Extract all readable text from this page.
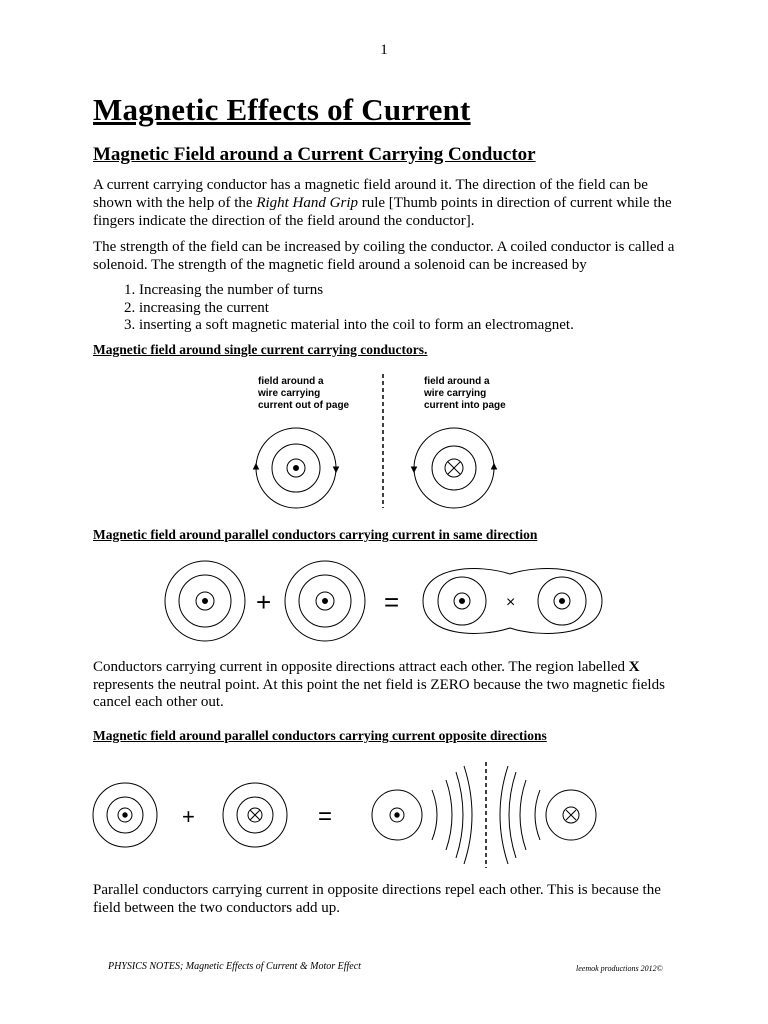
1
Magnetic Effects of Current
Magnetic Field around a Current Carrying Conductor

A current carrying conductor has a magnetic field around it. The direction of the field can be shown with the help of the Right Hand Grip rule [Thumb points in direction of current while the fingers indicate the direction of the field around the conductor].

The strength of the field can be increased by coiling the conductor. A coiled conductor is called a solenoid. The strength of the magnetic field around a solenoid can be increased by

1. Increasing the number of turns
2. increasing the current
3. inserting a soft magnetic material into the coil to form an electromagnet.

Magnetic field around single current carrying conductors.

field around a
wire carrying
current out of page
field around a
wire carrying
current into page

Magnetic field around parallel conductors carrying current in same direction

+	=	×

Conductors carrying current in opposite directions attract each other. The region labelled X represents the neutral point. At this point the net field is ZERO because the two magnetic fields cancel each other out.

Magnetic field around parallel conductors carrying current opposite directions

+	=

Parallel conductors carrying current in opposite directions repel each other. This is because the field between the two conductors add up.

PHYSICS NOTES; Magnetic Effects of Current & Motor Effect	leemok productions 2012©
